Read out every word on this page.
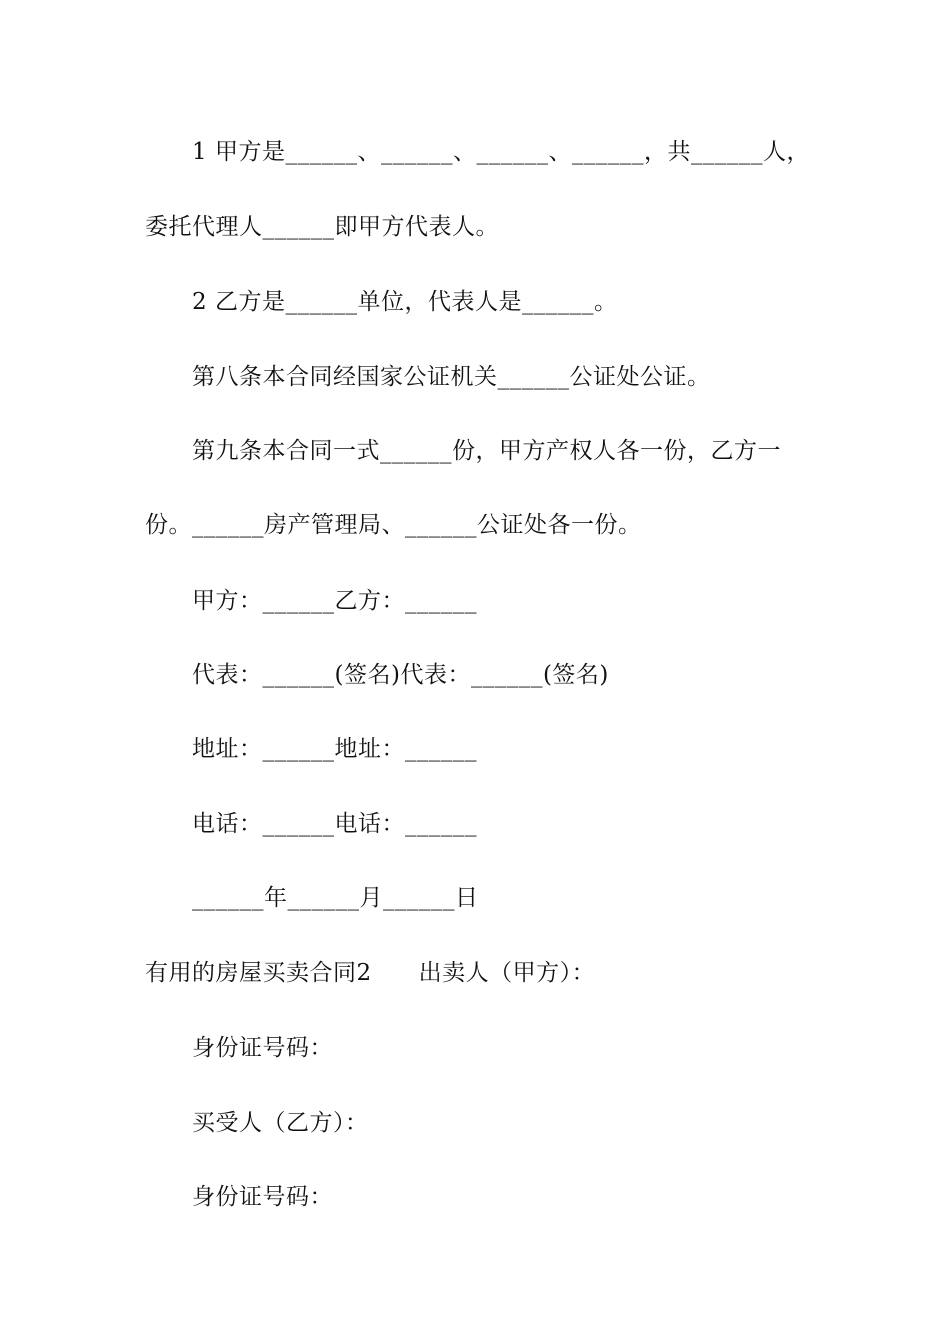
1 甲方是______、______、______、______，共______人，
委托代理人______即甲方代表人。
2 乙方是______单位，代表人是______。
第八条本合同经国家公证机关______公证处公证。
第九条本合同一式______份，甲方产权人各一份，乙方一
份。______房产管理局、______公证处各一份。
甲方：______乙方：______
代表：______(签名)代表：______(签名)
地址：______地址：______
电话：______电话：______
______年______月______日
有用的房屋买卖合同2　　出卖人（甲方）：
身份证号码：
买受人（乙方）：
身份证号码：
